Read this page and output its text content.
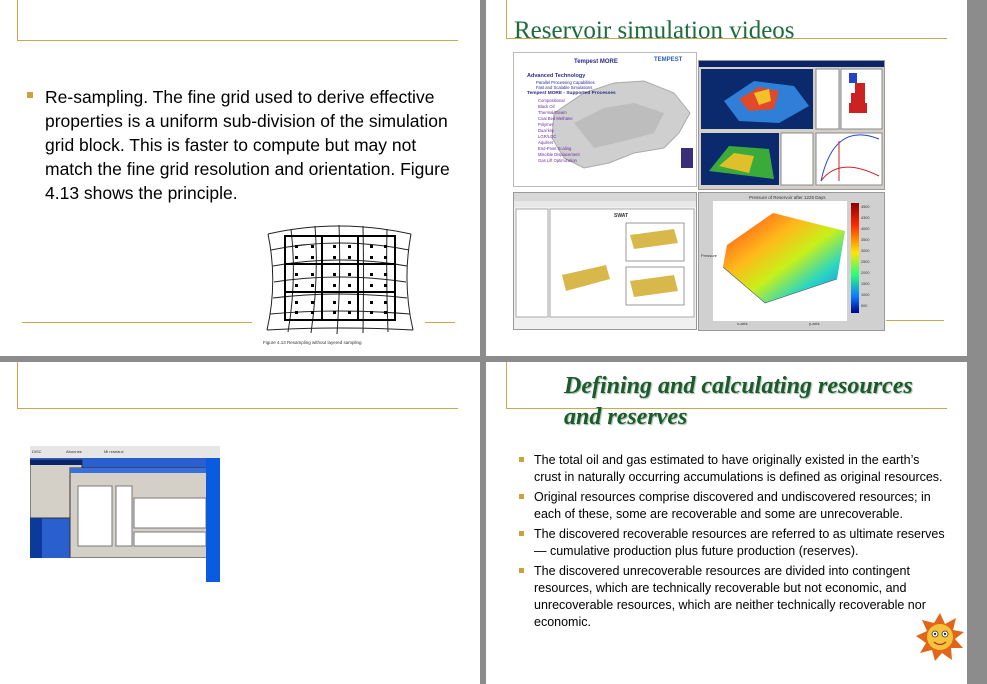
Re-sampling. The fine grid used to derive effective properties is a uniform sub-division of the simulation grid block. This is faster to compute but may not match the fine grid resolution and orientation. Figure 4.13 shows the principle.
Figure 4.13 Resampling without layered sampling
Reservoir simulation videos
Tempest MORE	TEMPEST
Advanced Technology
Parallel Processing Capabilities
Fast and Scalable Simulations
Tempest MORE - Supported Processes
Compositional
Black Oil
Thermal/Steam
Coal Bed Methane
Polymer
Dual k/φ
LGR/LGC
Aquifers
End-Point Scaling
Miscible Displacement
Gas Lift Optimization
SWAT
Pressure of Reservoir after 1225 Days
Pressure
x-axis	y-axis
4500
4300
4000
3500
3000
2500
2000
1500
1000
500
DISC	Abonnes	Mi reseaux
Defining and calculating resources and reserves
The total oil and gas estimated to have originally existed in the earth’s crust in naturally occurring accumulations is defined as original resources.
Original resources comprise discovered and undiscovered resources; in each of these, some are recoverable and some are unrecoverable.
The discovered recoverable resources are referred to as ultimate reserves — cumulative production plus future production (reserves).
The discovered unrecoverable resources are divided into contingent resources, which are technically recoverable but not economic, and unrecoverable resources, which are neither technically recoverable nor economic.
